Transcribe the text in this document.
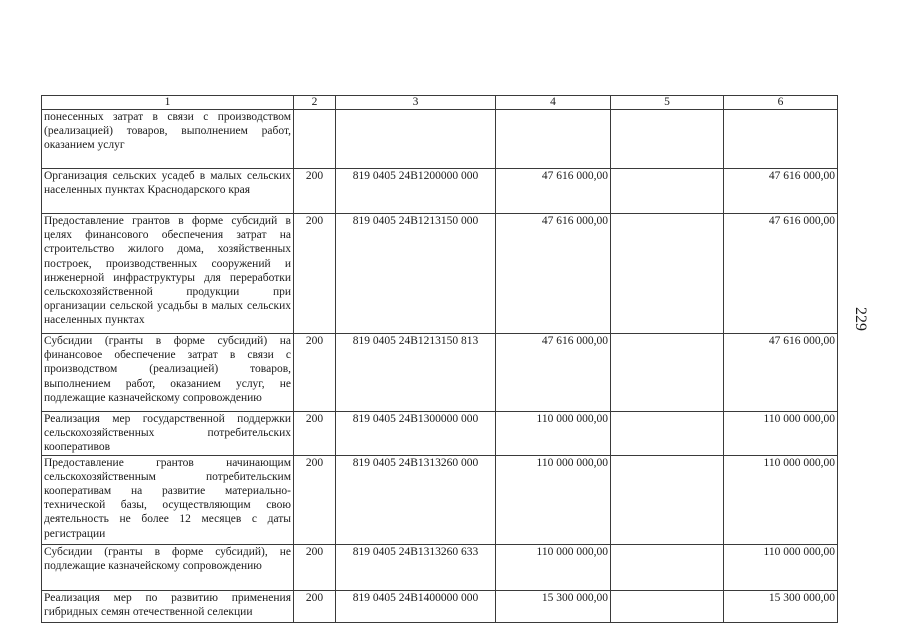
1	2	3	4	5	6
понесенных затрат в связи с производством (реализацией) товаров, выполнением работ, оказанием услуг					
Организация сельских усадеб в малых сельских населенных пунктах Краснодарского края	200	819 0405 24В1200000 000	47 616 000,00		47 616 000,00
Предоставление грантов в форме субсидий в целях финансового обеспечения затрат на строительство жилого дома, хозяйственных построек, производственных сооружений и инженерной инфраструктуры для переработки сельскохозяйственной продукции при организации сельской усадьбы в малых сельских населенных пунктах	200	819 0405 24В1213150 000	47 616 000,00		47 616 000,00
Субсидии (гранты в форме субсидий) на финансовое обеспечение затрат в связи с производством (реализацией) товаров, выполнением работ, оказанием услуг, не подлежащие казначейскому сопровождению	200	819 0405 24В1213150 813	47 616 000,00		47 616 000,00
Реализация мер государственной поддержки сельскохозяйственных потребительских кооперативов	200	819 0405 24В1300000 000	110 000 000,00		110 000 000,00
Предоставление грантов начинающим сельскохозяйственным потребительским кооперативам на развитие материально-технической базы, осуществляющим свою деятельность не более 12 месяцев с даты регистрации	200	819 0405 24В1313260 000	110 000 000,00		110 000 000,00
Субсидии (гранты в форме субсидий), не подлежащие казначейскому сопровождению	200	819 0405 24В1313260 633	110 000 000,00		110 000 000,00
Реализация мер по развитию применения гибридных семян отечественной селекции	200	819 0405 24В1400000 000	15 300 000,00		15 300 000,00
229
